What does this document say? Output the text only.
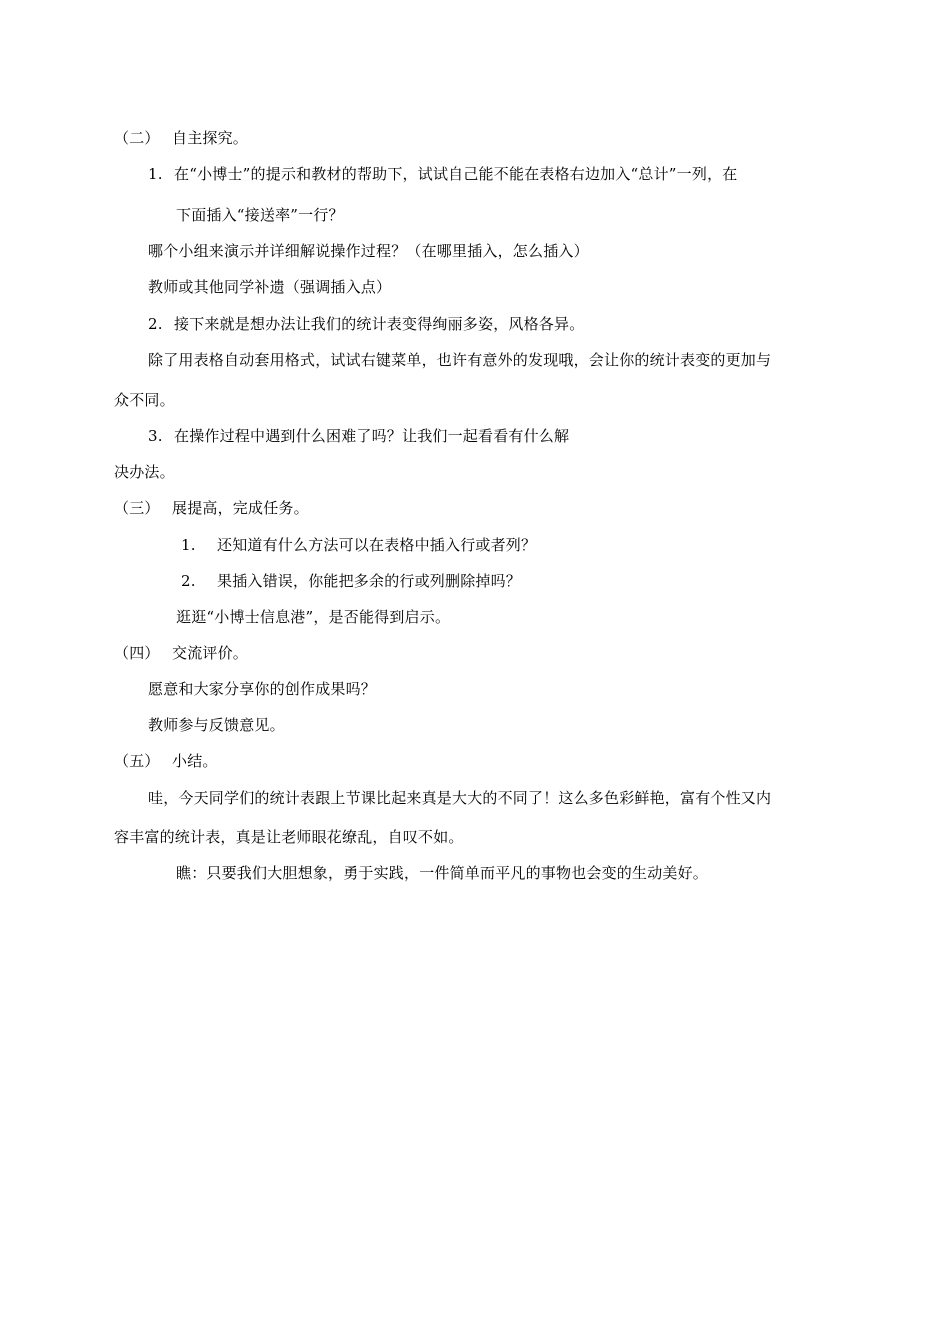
（二） 自主探究。
1. 在“小博士”的提示和教材的帮助下，试试自己能不能在表格右边加入“总计”一列，在
下面插入“接送率”一行？
哪个小组来演示并详细解说操作过程？（在哪里插入，怎么插入）
教师或其他同学补遗（强调插入点）
2. 接下来就是想办法让我们的统计表变得绚丽多姿，风格各异。
除了用表格自动套用格式，试试右键菜单，也许有意外的发现哦，会让你的统计表变的更加与
众不同。
3. 在操作过程中遇到什么困难了吗？让我们一起看看有什么解
决办法。
（三） 展提高，完成任务。
1. 还知道有什么方法可以在表格中插入行或者列？
2. 果插入错误，你能把多余的行或列删除掉吗？
逛逛“小博士信息港”，是否能得到启示。
（四） 交流评价。
愿意和大家分享你的创作成果吗？
教师参与反馈意见。
（五） 小结。
哇，今天同学们的统计表跟上节课比起来真是大大的不同了！这么多色彩鲜艳，富有个性又内
容丰富的统计表，真是让老师眼花缭乱，自叹不如。
瞧：只要我们大胆想象，勇于实践，一件简单而平凡的事物也会变的生动美好。
